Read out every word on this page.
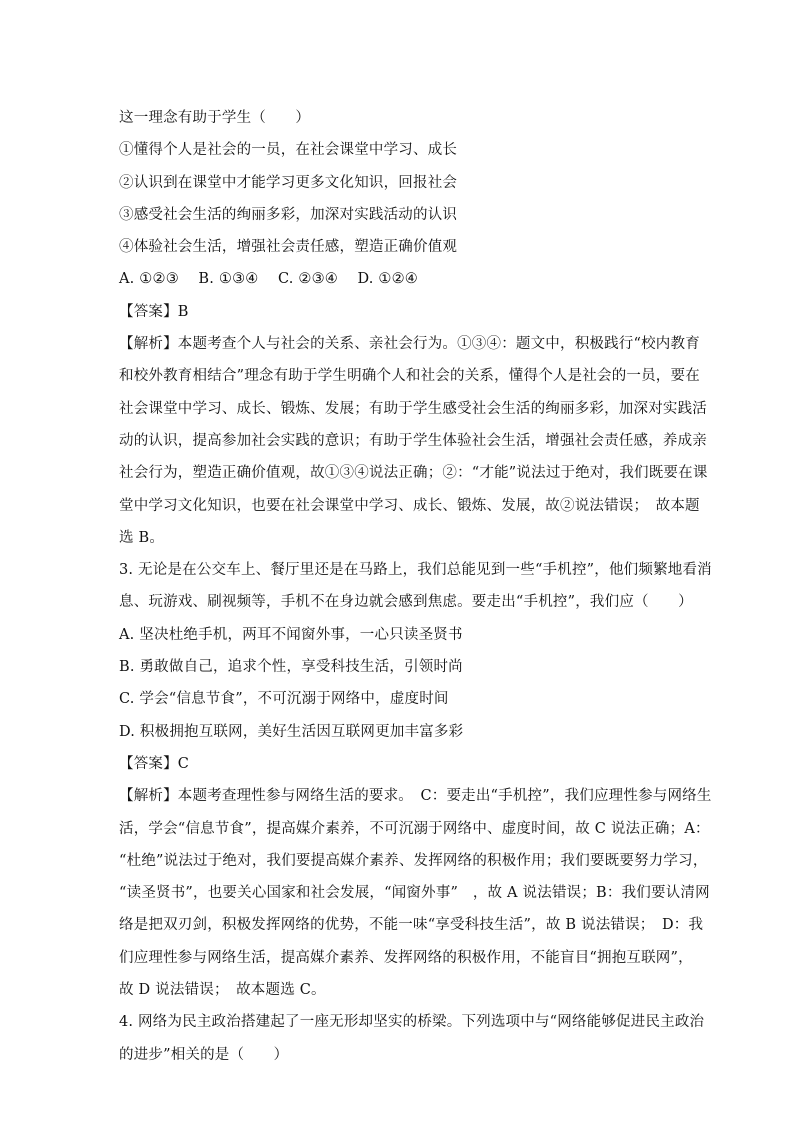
这一理念有助于学生（　　）
①懂得个人是社会的一员，在社会课堂中学习、成长
②认识到在课堂中才能学习更多文化知识，回报社会
③感受社会生活的绚丽多彩，加深对实践活动的认识
④体验社会生活，增强社会责任感，塑造正确价值观
A. ①②③　 B. ①③④　 C. ②③④　 D. ①②④
【答案】B
【解析】本题考查个人与社会的关系、亲社会行为。①③④：题文中，积极践行“校内教育
和校外教育相结合”理念有助于学生明确个人和社会的关系，懂得个人是社会的一员，要在
社会课堂中学习、成长、锻炼、发展；有助于学生感受社会生活的绚丽多彩，加深对实践活
动的认识，提高参加社会实践的意识；有助于学生体验社会生活，增强社会责任感，养成亲
社会行为，塑造正确价值观，故①③④说法正确；②：“才能”说法过于绝对，我们既要在课
堂中学习文化知识，也要在社会课堂中学习、成长、锻炼、发展，故②说法错误；　故本题
选 B。
3. 无论是在公交车上、餐厅里还是在马路上，我们总能见到一些“手机控”，他们频繁地看消
息、玩游戏、刷视频等，手机不在身边就会感到焦虑。要走出“手机控”，我们应（　　）
A. 坚决杜绝手机，两耳不闻窗外事，一心只读圣贤书
B. 勇敢做自己，追求个性，享受科技生活，引领时尚
C. 学会“信息节食”，不可沉溺于网络中，虚度时间
D. 积极拥抱互联网，美好生活因互联网更加丰富多彩
【答案】C
【解析】本题考查理性参与网络生活的要求。　C：要走出“手机控”，我们应理性参与网络生
活，学会“信息节食”，提高媒介素养，不可沉溺于网络中、虚度时间，故 C 说法正确；A：
“杜绝”说法过于绝对，我们要提高媒介素养、发挥网络的积极作用；我们要既要努力学习，
“读圣贤书”，也要关心国家和社会发展，“闻窗外事”　，故 A 说法错误；B：我们要认清网
络是把双刃剑，积极发挥网络的优势，不能一味“享受科技生活”，故 B 说法错误；　D：我
们应理性参与网络生活，提高媒介素养、发挥网络的积极作用，不能盲目“拥抱互联网”，
故 D 说法错误；　故本题选 C。
4. 网络为民主政治搭建起了一座无形却坚实的桥梁。下列选项中与“网络能够促进民主政治
的进步”相关的是（　　）
